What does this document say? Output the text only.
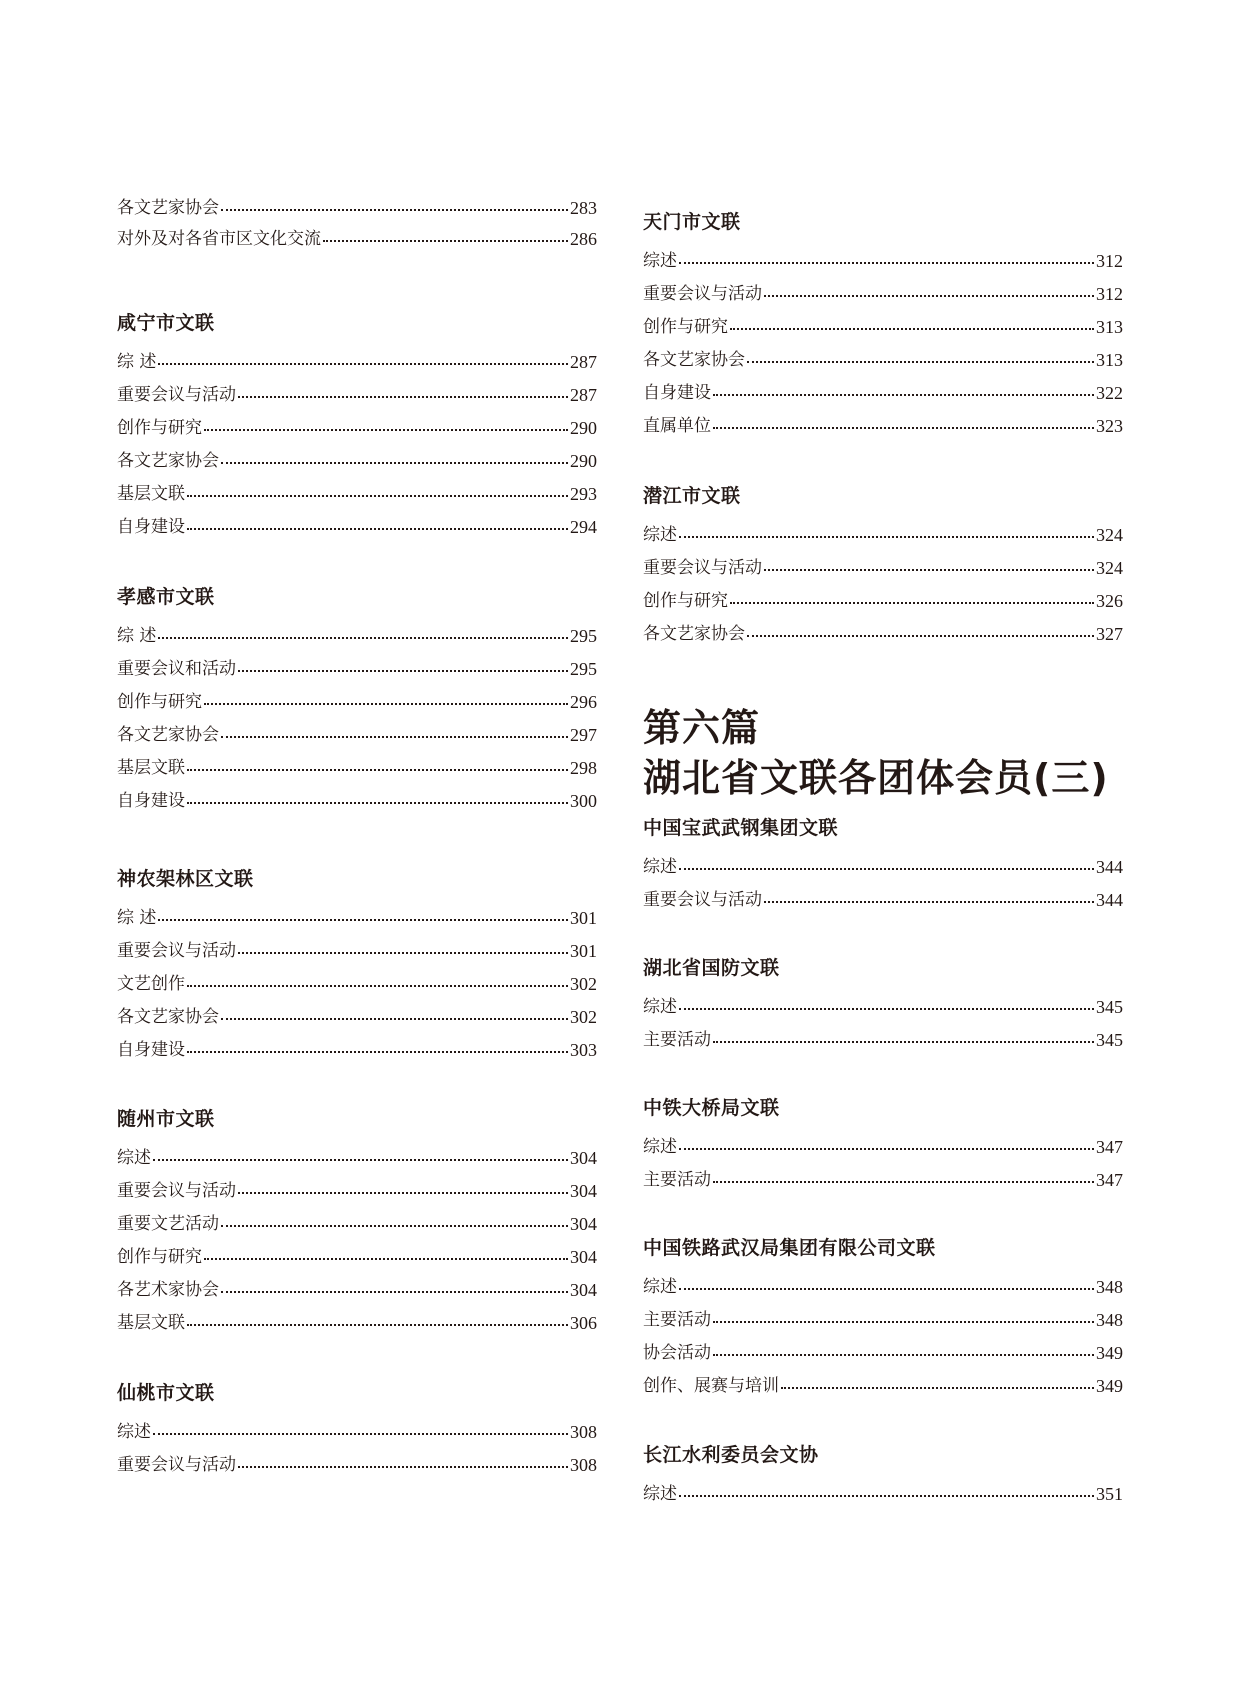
各文艺家协会	283
对外及对各省市区文化交流	286
咸宁市文联
综 述	287
重要会议与活动	287
创作与研究	290
各文艺家协会	290
基层文联	293
自身建设	294
孝感市文联
综 述	295
重要会议和活动	295
创作与研究	296
各文艺家协会	297
基层文联	298
自身建设	300
神农架林区文联
综 述	301
重要会议与活动	301
文艺创作	302
各文艺家协会	302
自身建设	303
随州市文联
综述	304
重要会议与活动	304
重要文艺活动	304
创作与研究	304
各艺术家协会	304
基层文联	306
仙桃市文联
综述	308
重要会议与活动	308
天门市文联
综述	312
重要会议与活动	312
创作与研究	313
各文艺家协会	313
自身建设	322
直属单位	323
潜江市文联
综述	324
重要会议与活动	324
创作与研究	326
各文艺家协会	327
第六篇
湖北省文联各团体会员(三)
中国宝武武钢集团文联
综述	344
重要会议与活动	344
湖北省国防文联
综述	345
主要活动	345
中铁大桥局文联
综述	347
主要活动	347
中国铁路武汉局集团有限公司文联
综述	348
主要活动	348
协会活动	349
创作、展赛与培训	349
长江水利委员会文协
综述	351
